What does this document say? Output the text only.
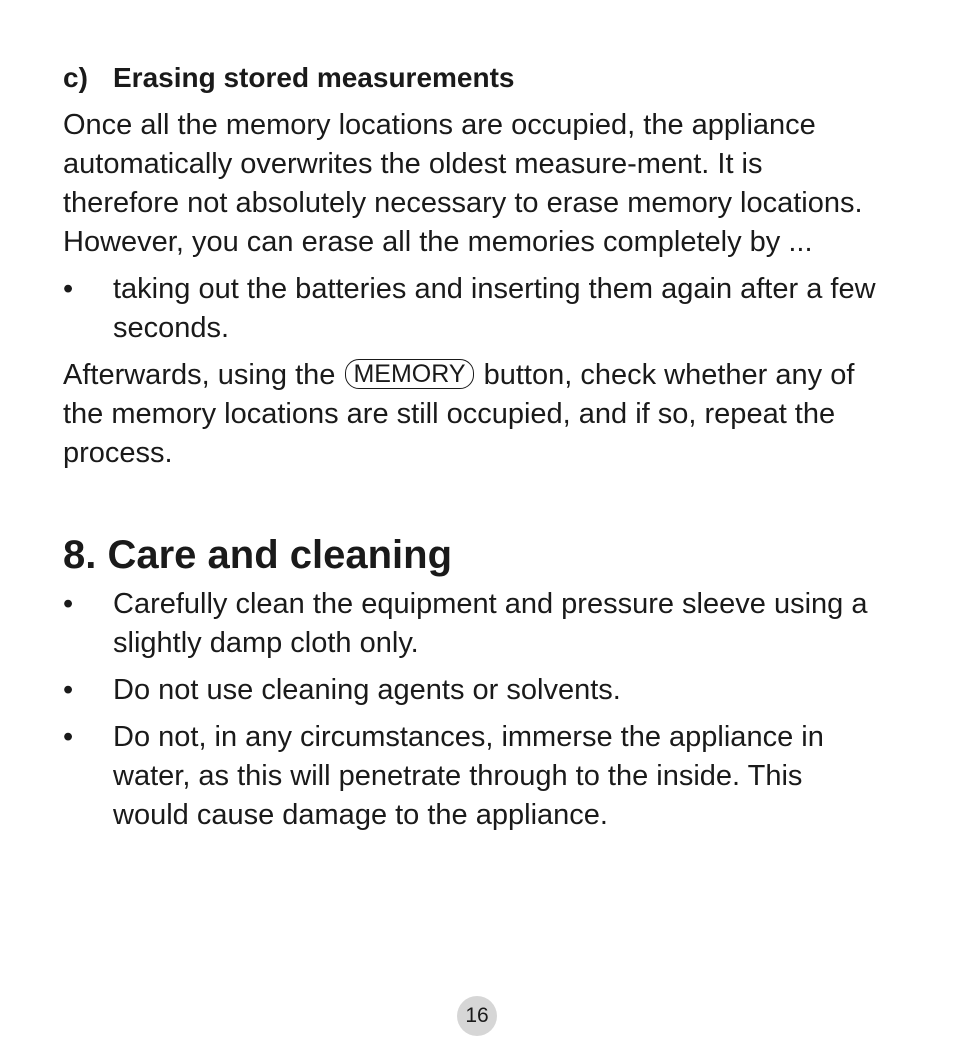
c) Erasing stored measurements

Once all the memory locations are occupied, the appliance automatically overwrites the oldest measure-ment. It is therefore not absolutely necessary to erase memory locations. However, you can erase all the memories completely by ...

•	taking out the batteries and inserting them again after a few seconds.

Afterwards, using the MEMORY button, check whether any of the memory locations are still occupied, and if so, repeat the process.

8. Care and cleaning
•	Carefully clean the equipment and pressure sleeve using a slightly damp cloth only.
•	Do not use cleaning agents or solvents.
•	Do not, in any circumstances, immerse the appliance in water, as this will penetrate through to the inside. This would cause damage to the appliance.
16
